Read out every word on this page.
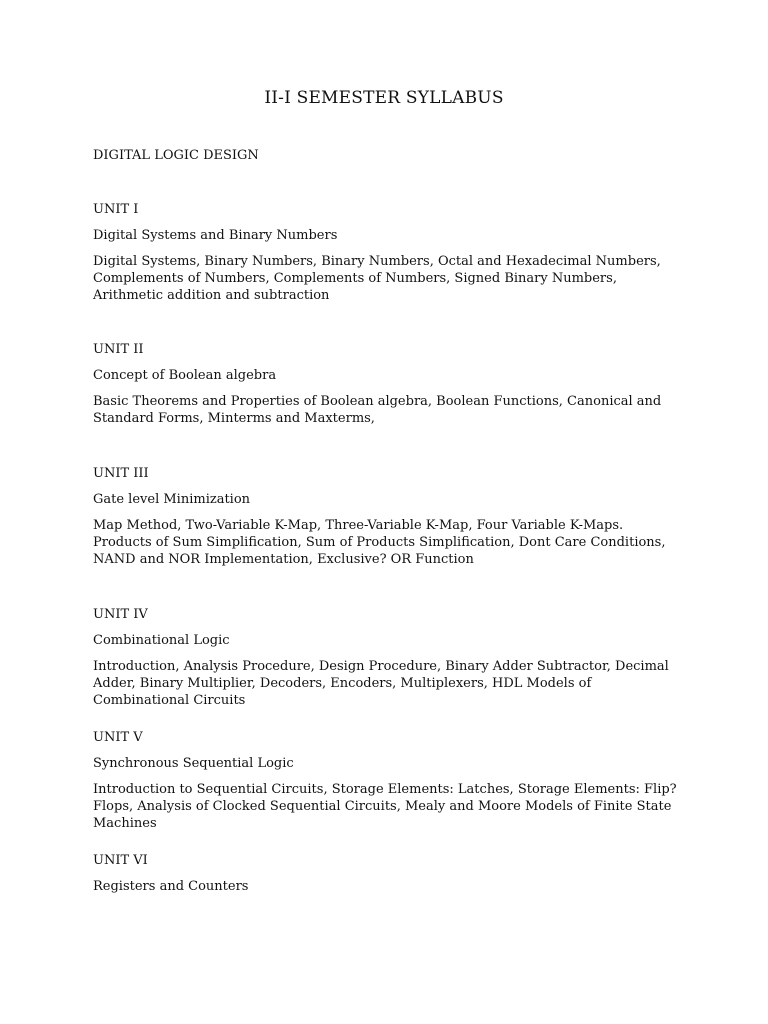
II-I SEMESTER SYLLABUS

DIGITAL LOGIC DESIGN

UNIT I

Digital Systems and Binary Numbers

Digital Systems, Binary Numbers, Binary Numbers, Octal and Hexadecimal Numbers, Complements of Numbers, Complements of Numbers, Signed Binary Numbers, Arithmetic addition and subtraction

UNIT II

Concept of Boolean algebra

Basic Theorems and Properties of Boolean algebra, Boolean Functions, Canonical and Standard Forms, Minterms and Maxterms,

UNIT III

Gate level Minimization

Map Method, Two-Variable K-Map, Three-Variable K-Map, Four Variable K-Maps. Products of Sum Simplification, Sum of Products Simplification, Dont Care Conditions, NAND and NOR Implementation, Exclusive? OR Function

UNIT IV

Combinational Logic

Introduction, Analysis Procedure, Design Procedure, Binary Adder Subtractor, Decimal Adder, Binary Multiplier, Decoders, Encoders, Multiplexers, HDL Models of Combinational Circuits

UNIT V

Synchronous Sequential Logic

Introduction to Sequential Circuits, Storage Elements: Latches, Storage Elements: Flip?Flops, Analysis of Clocked Sequential Circuits, Mealy and Moore Models of Finite State Machines

UNIT VI

Registers and Counters
